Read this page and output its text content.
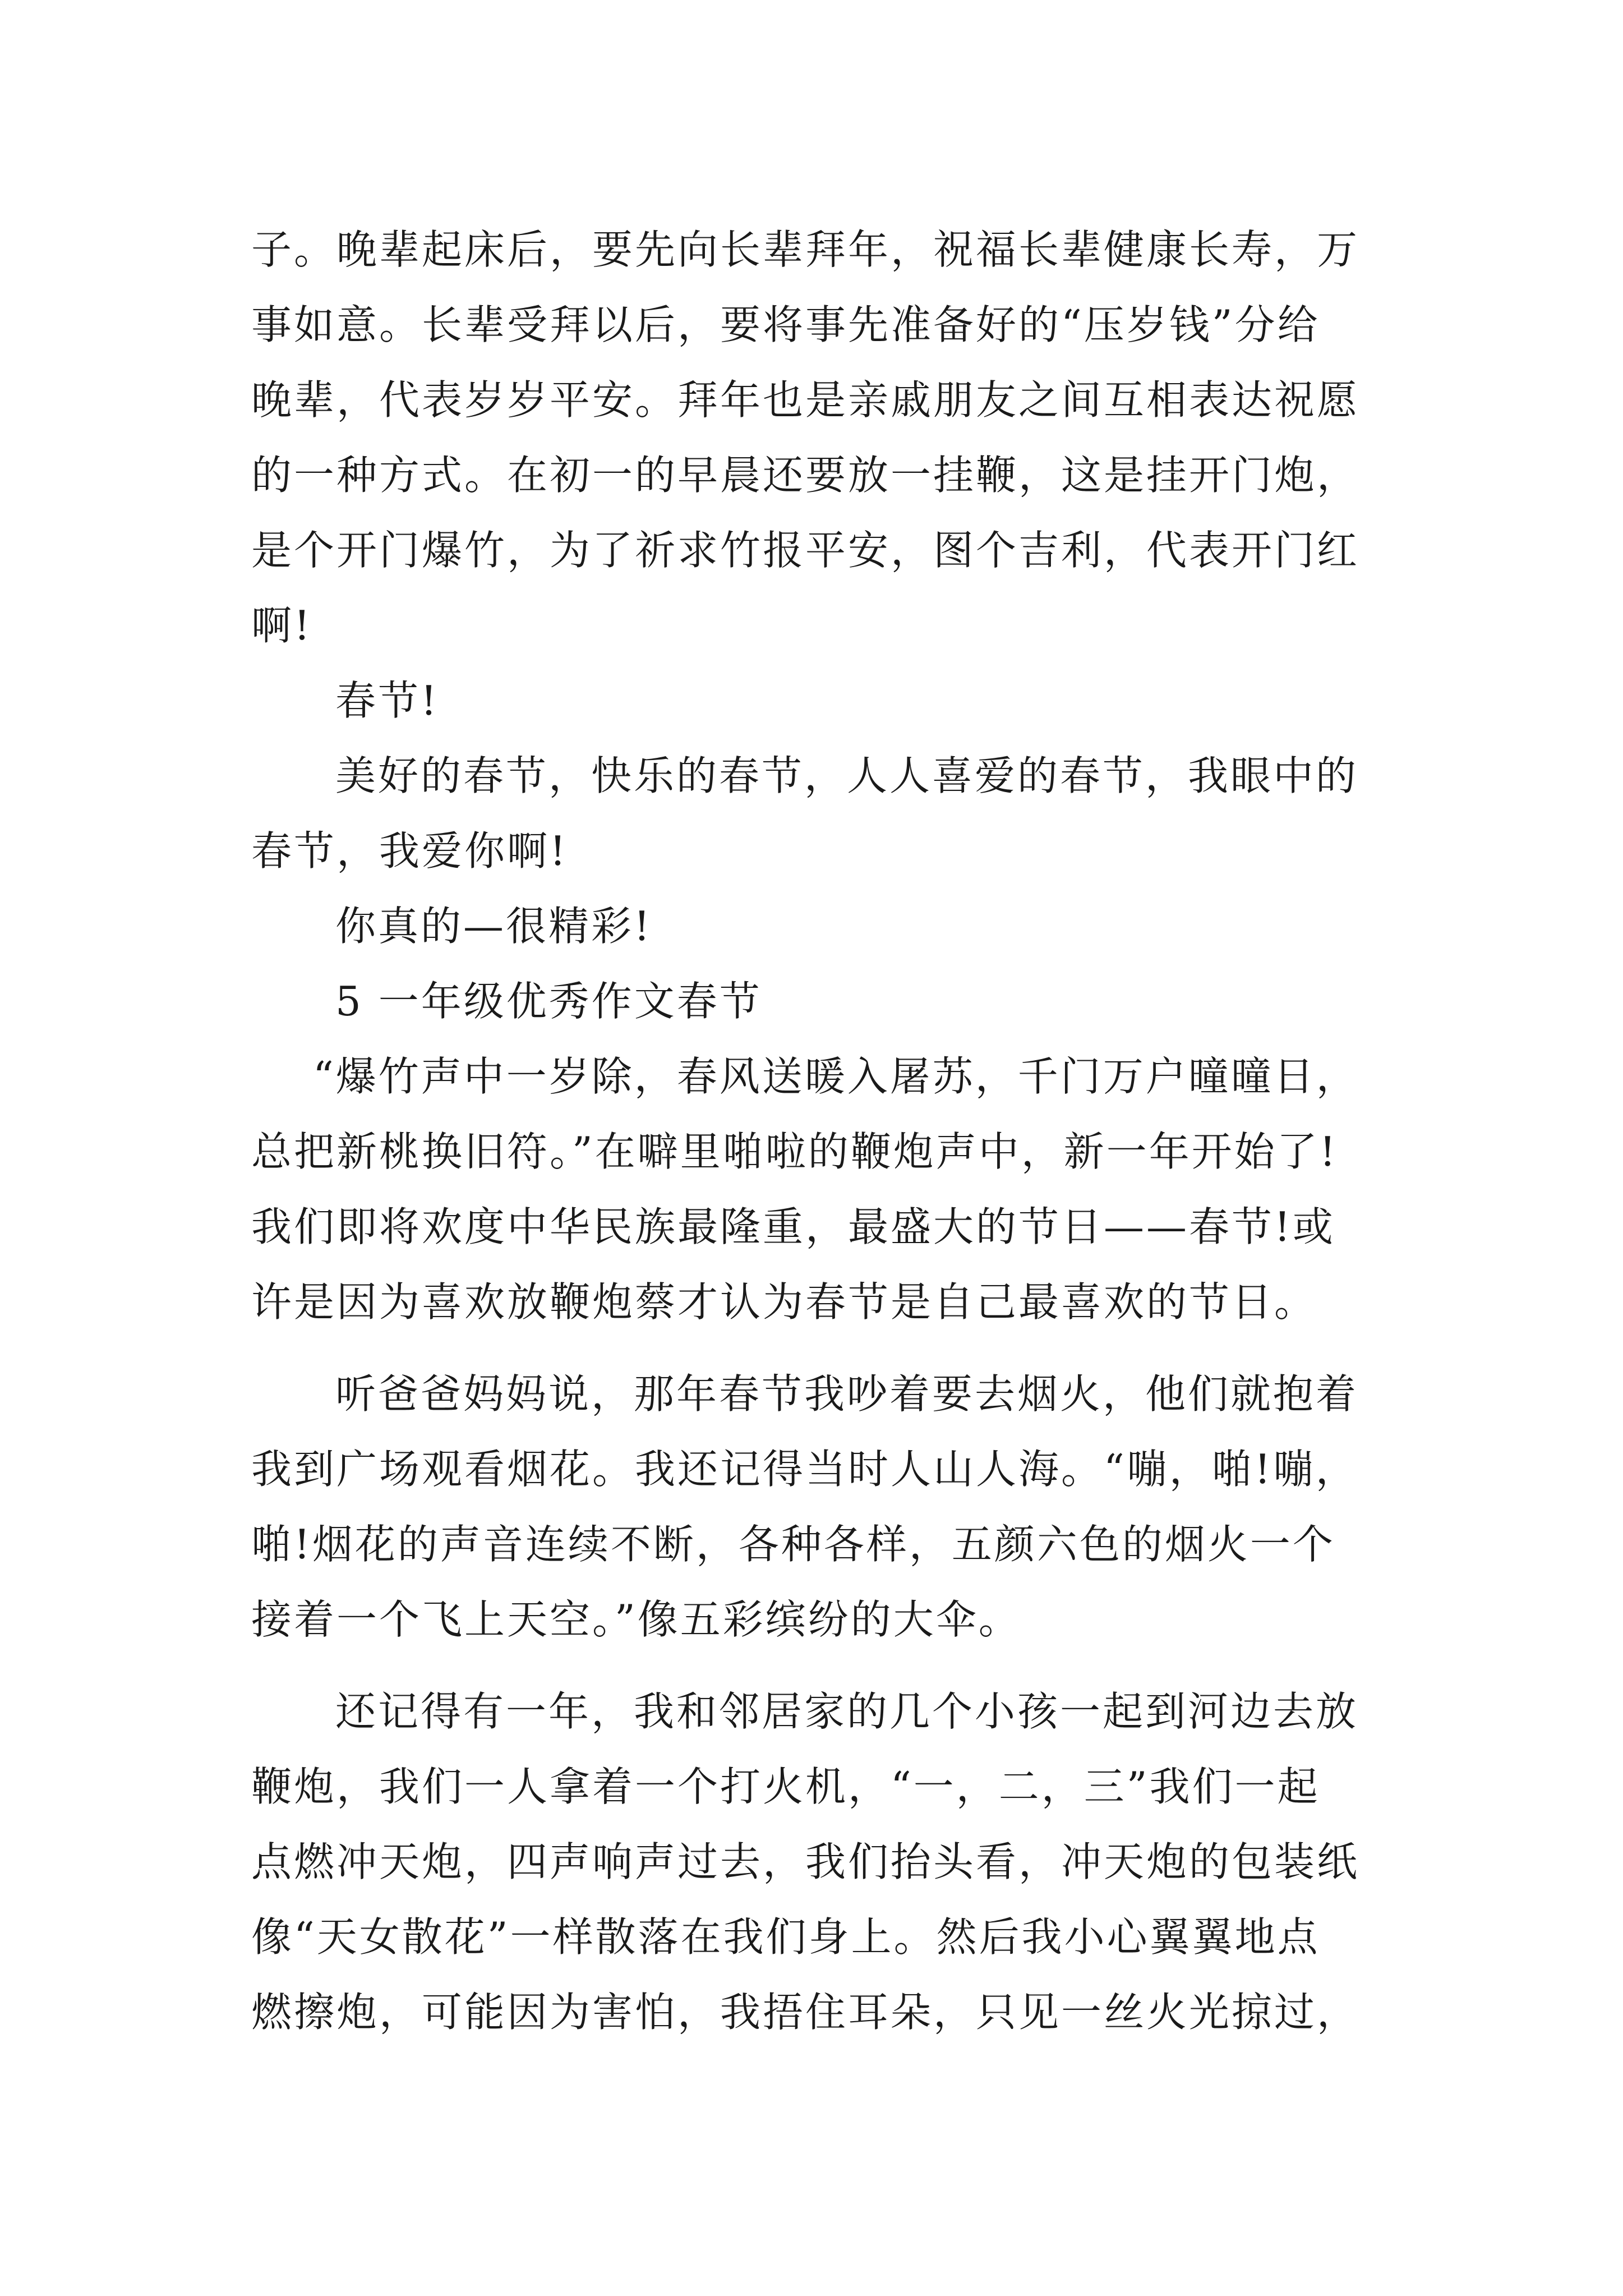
子。晚辈起床后，要先向长辈拜年，祝福长辈健康长寿，万
事如意。长辈受拜以后，要将事先准备好的“压岁钱”分给
晚辈，代表岁岁平安。拜年也是亲戚朋友之间互相表达祝愿
的一种方式。在初一的早晨还要放一挂鞭，这是挂开门炮，
是个开门爆竹，为了祈求竹报平安，图个吉利，代表开门红
啊!
春节!
美好的春节，快乐的春节，人人喜爱的春节，我眼中的
春节，我爱你啊!
你真的—很精彩!
5 一年级优秀作文春节
“爆竹声中一岁除，春风送暖入屠苏，千门万户曈曈日，
总把新桃换旧符。”在噼里啪啦的鞭炮声中，新一年开始了!
我们即将欢度中华民族最隆重，最盛大的节日——春节!或
许是因为喜欢放鞭炮蔡才认为春节是自己最喜欢的节日。
听爸爸妈妈说，那年春节我吵着要去烟火，他们就抱着
我到广场观看烟花。我还记得当时人山人海。“嘣，啪!嘣，
啪!烟花的声音连续不断，各种各样，五颜六色的烟火一个
接着一个飞上天空。”像五彩缤纷的大伞。
还记得有一年，我和邻居家的几个小孩一起到河边去放
鞭炮，我们一人拿着一个打火机，“一，二，三”我们一起
点燃冲天炮，四声响声过去，我们抬头看，冲天炮的包装纸
像“天女散花”一样散落在我们身上。然后我小心翼翼地点
燃擦炮，可能因为害怕，我捂住耳朵，只见一丝火光掠过，
